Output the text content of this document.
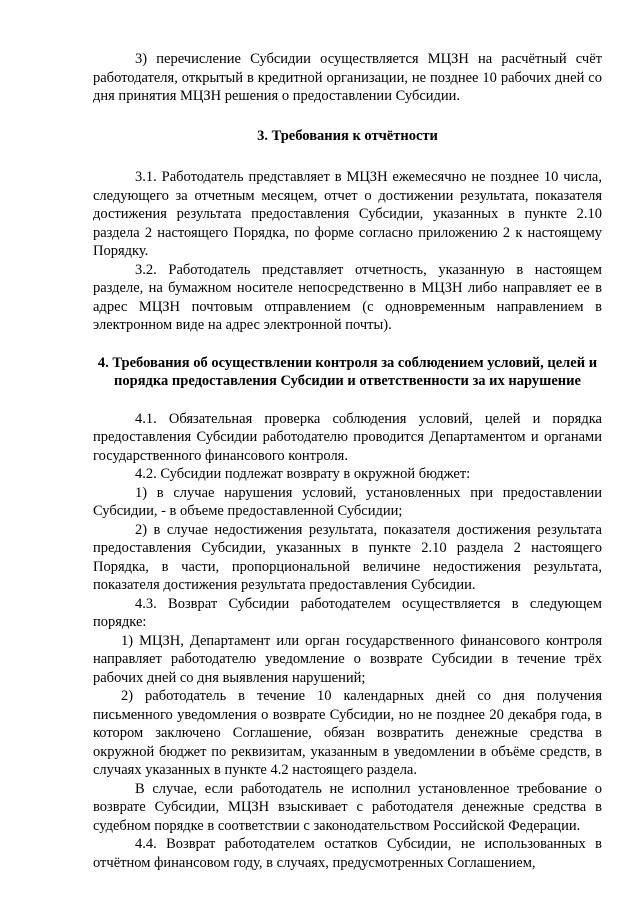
3) перечисление Субсидии осуществляется МЦЗН на расчётный счёт работодателя, открытый в кредитной организации, не позднее 10 рабочих дней со дня принятия МЦЗН решения о предоставлении Субсидии.

3. Требования к отчётности

3.1. Работодатель представляет в МЦЗН ежемесячно не позднее 10 числа, следующего за отчетным месяцем, отчет о достижении результата, показателя достижения результата предоставления Субсидии, указанных в пункте 2.10 раздела 2 настоящего Порядка, по форме согласно приложению 2 к настоящему Порядку.

3.2. Работодатель представляет отчетность, указанную в настоящем разделе, на бумажном носителе непосредственно в МЦЗН либо направляет ее в адрес МЦЗН почтовым отправлением (с одновременным направлением в электронном виде на адрес электронной почты).

4. Требования об осуществлении контроля за соблюдением условий, целей и порядка предоставления Субсидии и ответственности за их нарушение

4.1. Обязательная проверка соблюдения условий, целей и порядка предоставления Субсидии работодателю проводится Департаментом и органами государственного финансового контроля.

4.2. Субсидии подлежат возврату в окружной бюджет:

1) в случае нарушения условий, установленных при предоставлении Субсидии, - в объеме предоставленной Субсидии;

2) в случае недостижения результата, показателя достижения результата предоставления Субсидии, указанных в пункте 2.10 раздела 2 настоящего Порядка, в части, пропорциональной величине недостижения результата, показателя достижения результата предоставления Субсидии.

4.3. Возврат Субсидии работодателем осуществляется в следующем порядке:

1) МЦЗН, Департамент или орган государственного финансового контроля направляет работодателю уведомление о возврате Субсидии в течение трёх рабочих дней со дня выявления нарушений;

2) работодатель в течение 10 календарных дней со дня получения письменного уведомления о возврате Субсидии, но не позднее 20 декабря года, в котором заключено Соглашение, обязан возвратить денежные средства в окружной бюджет по реквизитам, указанным в уведомлении в объёме средств, в случаях указанных в пункте 4.2 настоящего раздела.

В случае, если работодатель не исполнил установленное требование о возврате Субсидии, МЦЗН взыскивает с работодателя денежные средства в судебном порядке в соответствии с законодательством Российской Федерации.

4.4. Возврат работодателем остатков Субсидии, не использованных в отчётном финансовом году, в случаях, предусмотренных Соглашением,
